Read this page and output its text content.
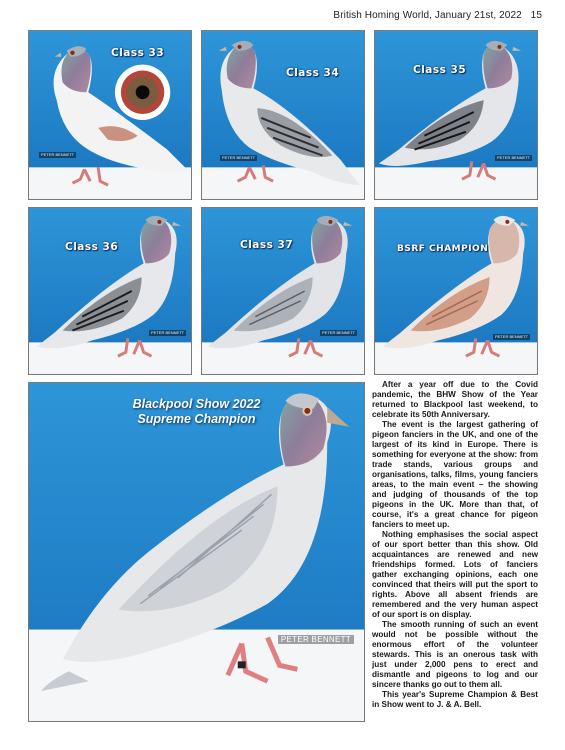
British Homing World, January 21st, 2022 15
Class 33
PETER BENNETT
Class 34
PETER BENNETT
Class 35
PETER BENNETT
Class 36
PETER BENNETT
Class 37
PETER BENNETT
BSRF CHAMPION
PETER BENNETT
Blackpool Show 2022
Supreme Champion
PETER BENNETT

After a year off due to the Covid pandemic, the BHW Show of the Year returned to Blackpool last weekend, to celebrate its 50th Anniversary.

The event is the largest gathering of pigeon fanciers in the UK, and one of the largest of its kind in Europe. There is something for everyone at the show: from trade stands, various groups and organisations, talks, films, young fanciers areas, to the main event – the showing and judging of thousands of the top pigeons in the UK. More than that, of course, it's a great chance for pigeon fanciers to meet up.

Nothing emphasises the social aspect of our sport better than this show. Old acquaintances are renewed and new friendships formed. Lots of fanciers gather exchanging opinions, each one convinced that theirs will put the sport to rights. Above all absent friends are remembered and the very human aspect of our sport is on display.

The smooth running of such an event would not be possible without the enormous effort of the volunteer stewards. This is an onerous task with just under 2,000 pens to erect and dismantle and pigeons to log and our sincere thanks go out to them all.

This year's Supreme Champion & Best in Show went to J. & A. Bell.
